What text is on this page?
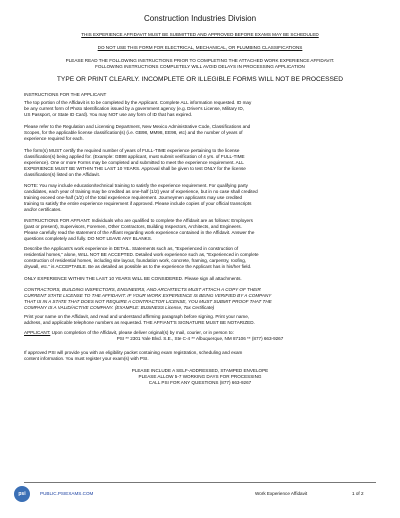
Construction Industries Division
THIS EXPERIENCE AFFIDAVIT MUST BE SUBMITTED AND APPROVED BEFORE EXAMS MAY BE SCHEDULED
DO NOT USE THIS FORM FOR ELECTRICAL, MECHANICAL, OR PLUMBING CLASSIFICATIONS
PLEASE READ THE FOLLOWING INSTRUCTIONS PRIOR TO COMPLETING THE ATTACHED WORK EXPERIENCE AFFIDAVIT.
FOLLOWING INSTRUCTIONS COMPLETELY WILL AVOID DELAYS IN PROCESSING APPLICATION
TYPE OR PRINT CLEARLY. INCOMPLETE OR ILLEGIBLE FORMS WILL NOT BE PROCESSED
INSTRUCTIONS FOR THE APPLICANT
The top portion of the Affidavit is to be completed by the Applicant. Complete ALL information requested. ID may
be any current form of Photo Identification issued by a government agency (e.g. Driver's License, Military ID,
US Passport, or State ID Card). You may NOT use any form of ID that has expired.
Please refer to the Regulation and Licensing Department, New Mexico Administrative Code, Classifications and
Scopes, for the applicable license classification(s) (i.e. GB98, MM98, EE98, etc) and the number of years of
experience required for each.
The form(s) MUST certify the required number of years of FULL-TIME experience pertaining to the license
classification(s) being applied for. (Example: GB98 applicant, must submit verification of 4 yrs. of FULL-TIME
experience). One or more Forms may be completed and submitted to meet the experience requirement. ALL
EXPERIENCE MUST BE WITHIN THE LAST 10 YEARS. Approval shall be given to test ONLY for the license
classification(s) listed on the Affidavit.
NOTE: You may include education/technical training to satisfy the experience requirement. For qualifying party
candidates, each year of training may be credited as one-half (1/2) year of experience, but in no case shall credited
training exceed one-half (1/2) of the total experience requirement. Journeymen applicants may use credited
training to satisfy the entire experience requirement if approved. Please include copies of your official transcripts
and/or certificates.
INSTRUCTIONS FOR AFFIANT: Individuals who are qualified to complete the Affidavit are as follows: Employers
(past or present), Supervisors, Foremen, Other Contractors, Building Inspectors, Architects, and Engineers.
Please carefully read the statement of the Affiant regarding work experience contained in the Affidavit. Answer the
questions completely and fully. DO NOT LEAVE ANY BLANKS.
Describe the Applicant's work experience in DETAIL. Statements such as, "Experienced in construction of
residential homes," alone, WILL NOT BE ACCEPTED. Detailed work experience such as, "Experienced in complete
construction of residential homes, including site layout, foundation work, concrete, framing, carpentry, roofing,
drywall, etc." is ACCEPTABLE. Be as detailed as possible as to the experience the Applicant has in his/her field.
ONLY EXPERIENCE WITHIN THE LAST 10 YEARS WILL BE CONSIDERED. Please sign all attachments.
CONTRACTORS, BUILDING INSPECTORS, ENGINEERS, AND ARCHITECTS MUST ATTACH A COPY OF THEIR
CURRENT STATE LICENSE TO THE AFFIDAVIT. IF YOUR WORK EXPERIENCE IS BEING VERIFIED BY A COMPANY
THAT IS IN A STATE THAT DOES NOT REQUIRE A CONTRACTOR LICENSE, YOU MUST SUBMIT PROOF THAT THE
COMPANY IS A VALID/ACTIVE COMPANY. (EXAMPLE: BUSINESS License, Tax Certificate)
Print your name on the Affidavit, and read and understand affirming paragraph before signing. Print your name,
address, and applicable telephone numbers as requested. THE AFFIANT'S SIGNATURE MUST BE NOTARIZED.
APPLICANT: Upon completion of the Affidavit, please deliver original(s) by mail, courier, or in person to:
PSI ** 2301 Yale Blvd. S.E., Ste C-4 ** Albuquerque, NM 87106 ** (877) 663-9267
If approved PSI will provide you with an eligibility packet containing exam registration, scheduling and exam
content information. You must register your exam(s) with PSI.
PLEASE INCLUDE A SELF-ADDRESSED, STAMPED ENVELOPE
PLEASE ALLOW 5-7 WORKING DAYS FOR PROCESSING
CALL PSI FOR ANY QUESTIONS (877) 663-9267
psi	PUBLIC.PSIEXAMS.COM	Work Experience Affidavit	1 of 2
